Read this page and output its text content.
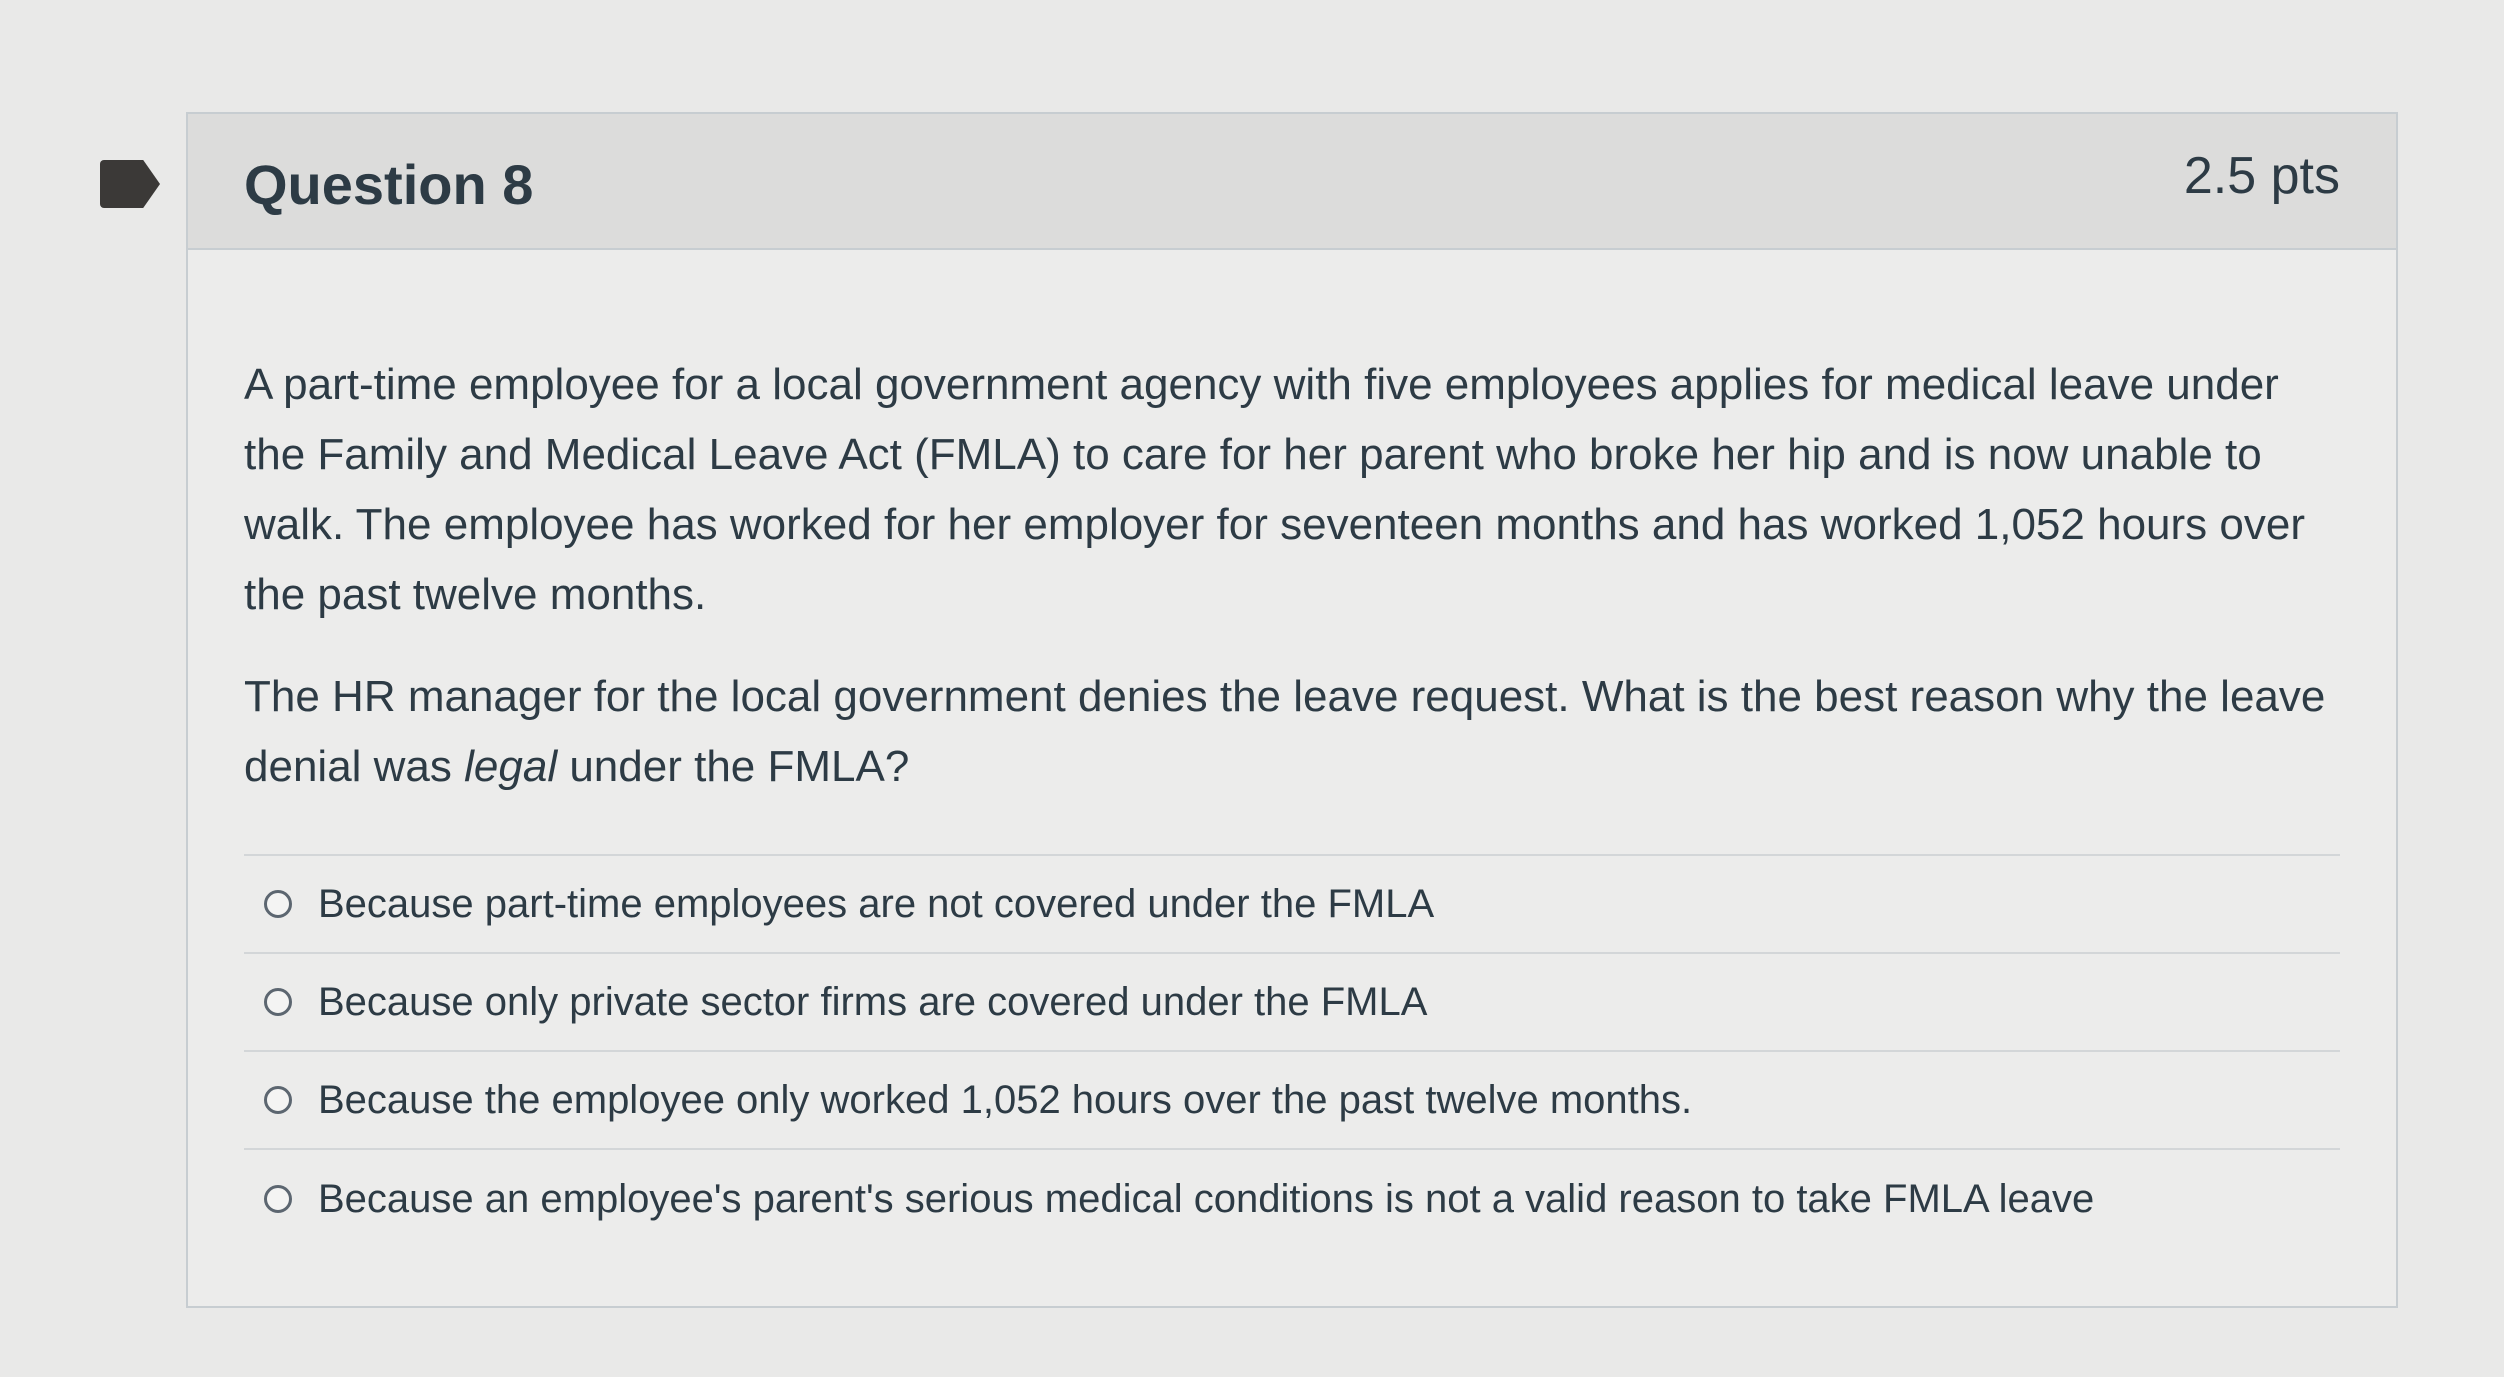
Question 8	2.5 pts

A part-time employee for a local government agency with five employees applies for medical leave under the Family and Medical Leave Act (FMLA) to care for her parent who broke her hip and is now unable to walk. The employee has worked for her employer for seventeen months and has worked 1,052 hours over the past twelve months.

The HR manager for the local government denies the leave request. What is the best reason why the leave denial was legal under the FMLA?

Because part-time employees are not covered under the FMLA
Because only private sector firms are covered under the FMLA
Because the employee only worked 1,052 hours over the past twelve months.
Because an employee's parent's serious medical conditions is not a valid reason to take FMLA leave
